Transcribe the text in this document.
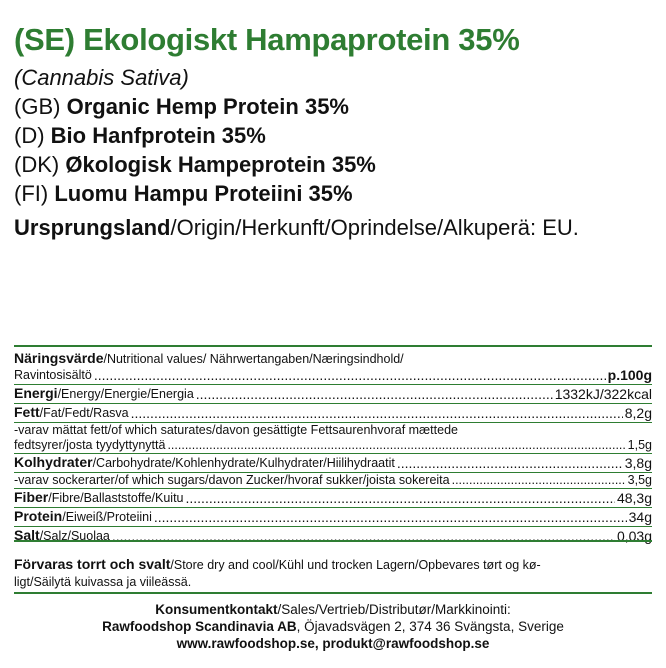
(SE) Ekologiskt Hampaprotein 35%
(Cannabis Sativa)
(GB) Organic Hemp Protein 35%
(D) Bio Hanfprotein 35%
(DK) Økologisk Hampeprotein 35%
(FI) Luomu Hampu Proteiini 35%
Ursprungsland/Origin/Herkunft/Oprindelse/Alkuperä: EU.
Näringsvärde/Nutritional values/ Nährwertangaben/Næringsindhold/
Ravintosisältö .....	p.100g
Energi/Energy/Energie/Energia .....	1332kJ/322kcal
Fett/Fat/Fedt/Rasva .....	8,2g
-varav mättat fett/of which saturates/davon gesättigte Fettsaurenhvoraf mættede
fedtsyrer/josta tyydyttynyttä .....	1,5g
Kolhydrater/Carbohydrate/Kohlenhydrate/Kulhydrater/Hiilihydraatit .....	3,8g
-varav sockerarter/of which sugars/davon Zucker/hvoraf sukker/joista sokereita .....	3,5g
Fiber/Fibre/Ballaststoffe/Kuitu .....	48,3g
Protein/Eiweiß/Proteiini .....	34g
Salt/Salz/Suolaa .....	0,03g
Förvaras torrt och svalt/Store dry and cool/Kühl und trocken Lagern/Opbevares tørt og kø-
ligt/Säilytä kuivassa ja viileässä.
Konsumentkontakt/Sales/Vertrieb/Distributør/Markkinointi:
Rawfoodshop Scandinavia AB, Öjavadsvägen 2, 374 36 Svängsta, Sverige
www.rawfoodshop.se, produkt@rawfoodshop.se
